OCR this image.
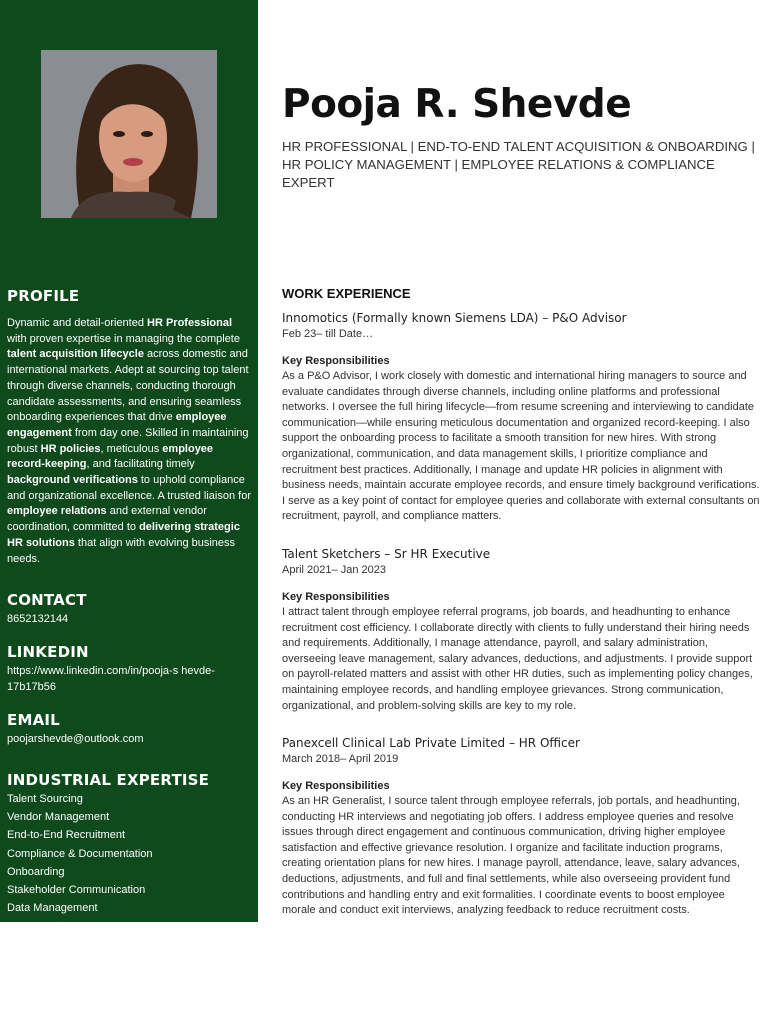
PROFILE

Dynamic and detail-oriented HR Professional with proven expertise in managing the complete talent acquisition lifecycle across domestic and international markets. Adept at sourcing top talent through diverse channels, conducting thorough candidate assessments, and ensuring seamless onboarding experiences that drive employee engagement from day one. Skilled in maintaining robust HR policies, meticulous employee record-keeping, and facilitating timely background verifications to uphold compliance and organizational excellence. A trusted liaison for employee relations and external vendor coordination, committed to delivering strategic HR solutions that align with evolving business needs.

CONTACT

8652132144

LINKEDIN

https://www.linkedin.com/in/pooja-s hevde-17b17b56

EMAIL

poojarshevde@outlook.com

INDUSTRIAL EXPERTISE
Talent Sourcing
Vendor Management
End-to-End Recruitment
Compliance & Documentation
Onboarding
Stakeholder Communication
Data Management
Pooja R. Shevde

HR PROFESSIONAL | END-TO-END TALENT ACQUISITION & ONBOARDING | HR POLICY MANAGEMENT | EMPLOYEE RELATIONS & COMPLIANCE EXPERT

WORK EXPERIENCE

Innomotics (Formally known Siemens LDA) – P&O Advisor

Feb 23– till Date…

Key Responsibilities

As a P&O Advisor, I work closely with domestic and international hiring managers to source and evaluate candidates through diverse channels, including online platforms and professional networks. I oversee the full hiring lifecycle—from resume screening and interviewing to candidate communication—while ensuring meticulous documentation and organized record-keeping. I also support the onboarding process to facilitate a smooth transition for new hires. With strong organizational, communication, and data management skills, I prioritize compliance and recruitment best practices. Additionally, I manage and update HR policies in alignment with business needs, maintain accurate employee records, and ensure timely background verifications. I serve as a key point of contact for employee queries and collaborate with external consultants on recruitment, payroll, and compliance matters.

Talent Sketchers – Sr HR Executive

April 2021– Jan 2023

Key Responsibilities

I attract talent through employee referral programs, job boards, and headhunting to enhance recruitment cost efficiency. I collaborate directly with clients to fully understand their hiring needs and requirements. Additionally, I manage attendance, payroll, and salary administration, overseeing leave management, salary advances, deductions, and adjustments. I provide support on payroll-related matters and assist with other HR duties, such as implementing policy changes, maintaining employee records, and handling employee grievances. Strong communication, organizational, and problem-solving skills are key to my role.

Panexcell Clinical Lab Private Limited – HR Officer

March 2018– April 2019

Key Responsibilities

As an HR Generalist, I source talent through employee referrals, job portals, and headhunting, conducting HR interviews and negotiating job offers. I address employee queries and resolve issues through direct engagement and continuous communication, driving higher employee satisfaction and effective grievance resolution. I organize and facilitate induction programs, creating orientation plans for new hires. I manage payroll, attendance, leave, salary advances, deductions, adjustments, and full and final settlements, while also overseeing provident fund contributions and handling entry and exit formalities. I coordinate events to boost employee morale and conduct exit interviews, analyzing feedback to reduce recruitment costs.
